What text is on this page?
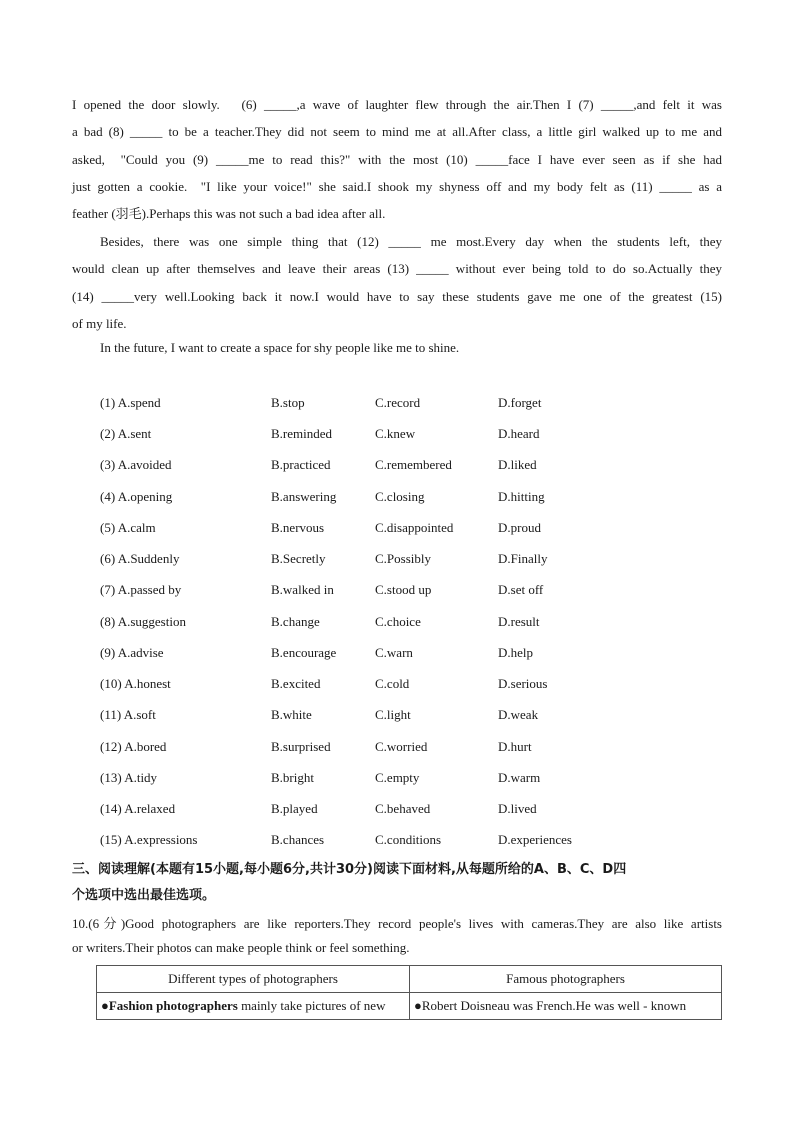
I opened the door slowly.   (6) _____,a wave of laughter flew through the air.Then I (7) _____,and felt it was
a bad (8) _____ to be a teacher.They did not seem to mind me at all.After class, a little girl walked up to me and
asked,  "Could you (9) _____me to read this?" with the most (10) _____face I have ever seen as if she had
just gotten a cookie.  "I like your voice!" she said.I shook my shyness off and my body felt as (11) _____ as a
feather (羽毛).Perhaps this was not such a bad idea after all.
Besides, there was one simple thing that (12) _____ me most.Every day when the students left, they
would clean up after themselves and leave their areas (13) _____ without ever being told to do so.Actually they
(14) _____very well.Looking back it now.I would have to say these students gave me one of the greatest (15)
of my life.
In the future, I want to create a space for shy people like me to shine.
(1) A.spend	B.stop	C.record	D.forget
(2) A.sent	B.reminded	C.knew	D.heard
(3) A.avoided	B.practiced	C.remembered	D.liked
(4) A.opening	B.answering	C.closing	D.hitting
(5) A.calm	B.nervous	C.disappointed	D.proud
(6) A.Suddenly	B.Secretly	C.Possibly	D.Finally
(7) A.passed by	B.walked in	C.stood up	D.set off
(8) A.suggestion	B.change	C.choice	D.result
(9) A.advise	B.encourage	C.warn	D.help
(10) A.honest	B.excited	C.cold	D.serious
(11) A.soft	B.white	C.light	D.weak
(12) A.bored	B.surprised	C.worried	D.hurt
(13) A.tidy	B.bright	C.empty	D.warm
(14) A.relaxed	B.played	C.behaved	D.lived
(15) A.expressions	B.chances	C.conditions	D.experiences
三、阅读理解(本题有15小题,每小题6分,共计30分)阅读下面材料,从每题所给的A、B、C、D四
个选项中选出最佳选项。
10.(6分)Good photographers are like reporters.They record people's lives with cameras.They are also like artists
or writers.Their photos can make people think or feel something.
Different types of photographers	Famous photographers
●Fashion photographers mainly take pictures of new	●Robert Doisneau was French.He was well - known
